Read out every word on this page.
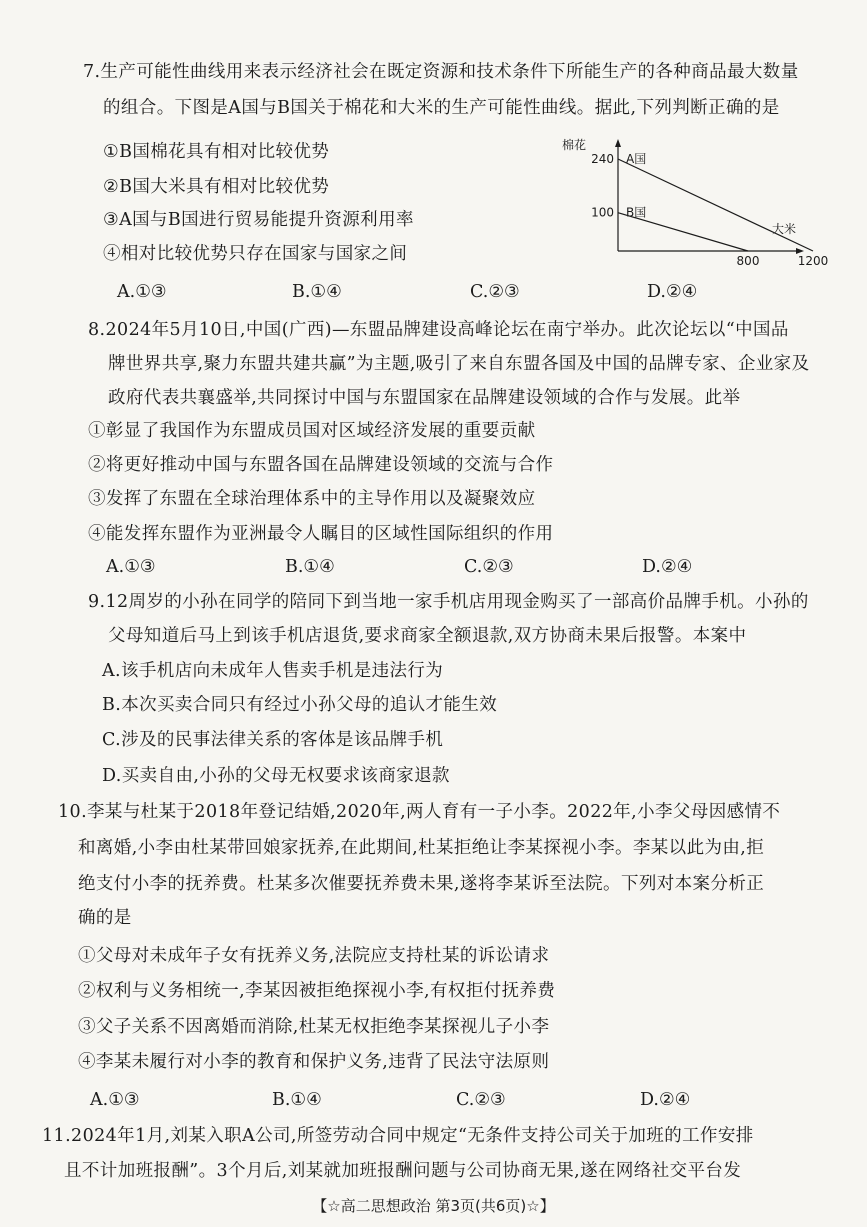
7.生产可能性曲线用来表示经济社会在既定资源和技术条件下所能生产的各种商品最大数量
的组合。下图是A国与B国关于棉花和大米的生产可能性曲线。据此,下列判断正确的是
①B国棉花具有相对比较优势
②B国大米具有相对比较优势
③A国与B国进行贸易能提升资源利用率
④相对比较优势只存在国家与国家之间
棉花
大米
A国
B国
240
100
800	1200
A.①③	B.①④	C.②③	D.②④
8.2024年5月10日,中国(广西)—东盟品牌建设高峰论坛在南宁举办。此次论坛以“中国品
牌世界共享,聚力东盟共建共赢”为主题,吸引了来自东盟各国及中国的品牌专家、企业家及
政府代表共襄盛举,共同探讨中国与东盟国家在品牌建设领域的合作与发展。此举
①彰显了我国作为东盟成员国对区域经济发展的重要贡献
②将更好推动中国与东盟各国在品牌建设领域的交流与合作
③发挥了东盟在全球治理体系中的主导作用以及凝聚效应
④能发挥东盟作为亚洲最令人瞩目的区域性国际组织的作用
A.①③	B.①④	C.②③	D.②④
9.12周岁的小孙在同学的陪同下到当地一家手机店用现金购买了一部高价品牌手机。小孙的
父母知道后马上到该手机店退货,要求商家全额退款,双方协商未果后报警。本案中
A.该手机店向未成年人售卖手机是违法行为
B.本次买卖合同只有经过小孙父母的追认才能生效
C.涉及的民事法律关系的客体是该品牌手机
D.买卖自由,小孙的父母无权要求该商家退款
10.李某与杜某于2018年登记结婚,2020年,两人育有一子小李。2022年,小李父母因感情不
和离婚,小李由杜某带回娘家抚养,在此期间,杜某拒绝让李某探视小李。李某以此为由,拒
绝支付小李的抚养费。杜某多次催要抚养费未果,遂将李某诉至法院。下列对本案分析正
确的是
①父母对未成年子女有抚养义务,法院应支持杜某的诉讼请求
②权利与义务相统一,李某因被拒绝探视小李,有权拒付抚养费
③父子关系不因离婚而消除,杜某无权拒绝李某探视儿子小李
④李某未履行对小李的教育和保护义务,违背了民法守法原则
A.①③	B.①④	C.②③	D.②④
11.2024年1月,刘某入职A公司,所签劳动合同中规定“无条件支持公司关于加班的工作安排
且不计加班报酬”。3个月后,刘某就加班报酬问题与公司协商无果,遂在网络社交平台发
【☆高二思想政治 第3页(共6页)☆】
